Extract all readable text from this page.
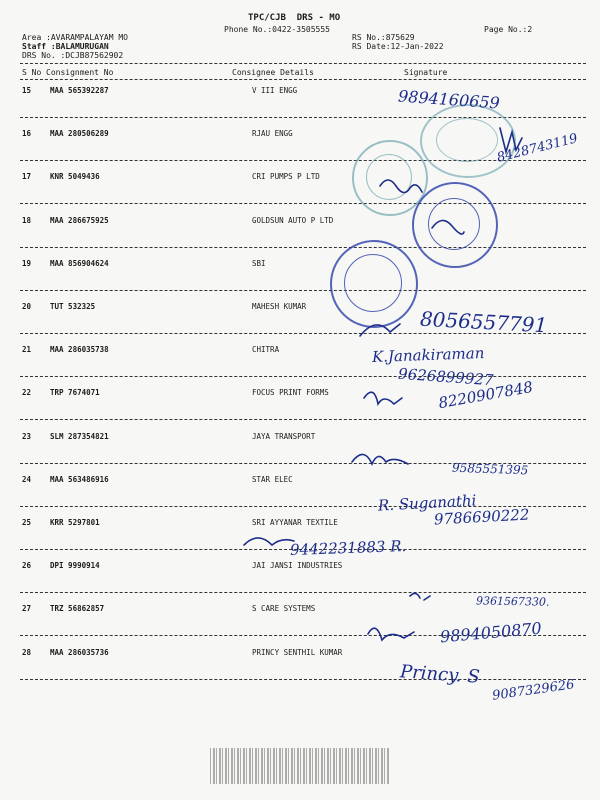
TPC/CJB  DRS - MO
Phone No.:0422-3505555	Page No.:2
Area :AVARAMPALAYAM MO
Staff :BALAMURUGAN
DRS No. :DCJB87562902
RS No.:875629
RS Date:12-Jan-2022
S No Consignment No	Consignee Details	Signature
15	MAA 565392287	V III ENGG
16	MAA 280506289	RJAU ENGG
17	KNR 5049436	CRI PUMPS P LTD
18	MAA 286675925	GOLDSUN AUTO P LTD
19	MAA 856904624	SBI
20	TUT 532325	MAHESH KUMAR
21	MAA 286035738	CHITRA
22	TRP 7674071	FOCUS PRINT FORMS
23	SLM 287354821	JAYA TRANSPORT
24	MAA 563486916	STAR ELEC
25	KRR 5297801	SRI AYYANAR TEXTILE
26	DPI 9990914	JAI JANSI INDUSTRIES
27	TRZ 56862857	S CARE SYSTEMS
28	MAA 286035736	PRINCY SENTHIL KUMAR
9894160659
8428743119
8056557791
K.Janakiraman
9626899927
8220907848
9585551395
R. Suganathi
9786690222
9442231883 R.
9361567330.
9894050870
Princy. S
9087329626
